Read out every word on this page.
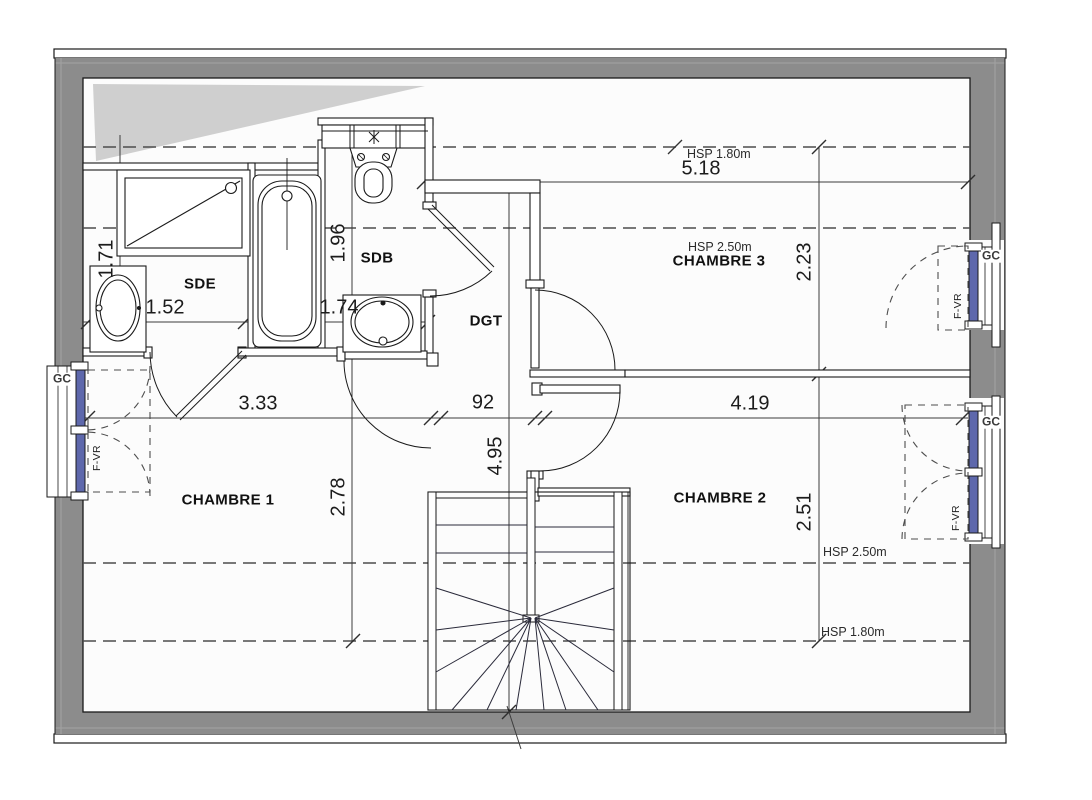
SDE
SDB
DGT
CHAMBRE 1	CHAMBRE 2
CHAMBRE 3
5.18
1.52	1.74
3.33	92	4.19
1.71	1.96
4.95
2.78
2.23
2.51
HSP 1.80m
HSP 2.50m
HSP 2.50m
HSP 1.80m
GC
GC
GC
F-VR
F-VR
F-VR
